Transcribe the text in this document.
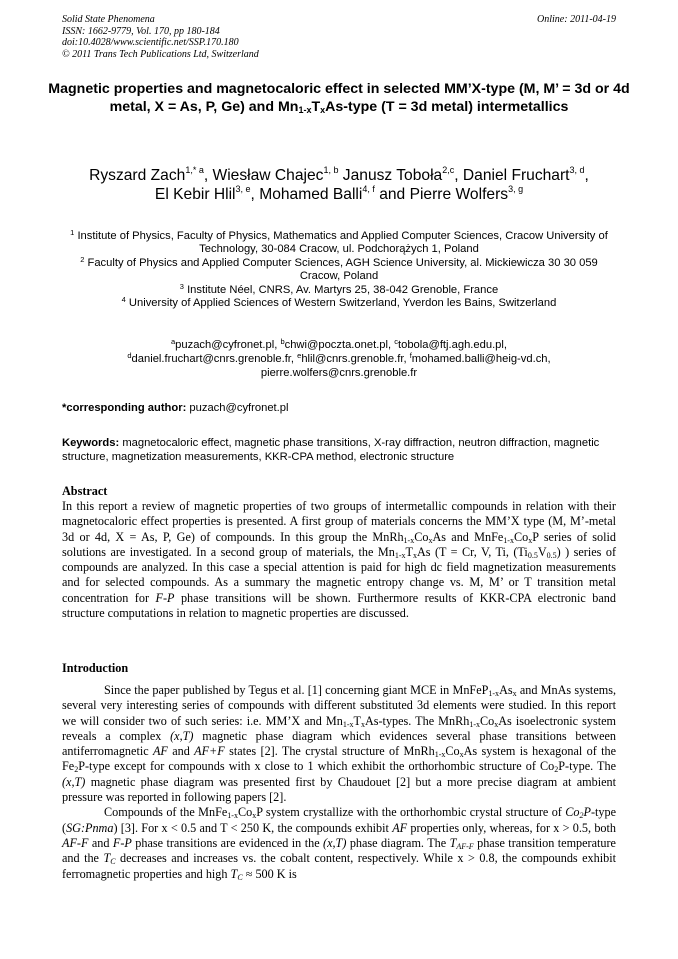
Solid State Phenomena
ISSN: 1662-9779, Vol. 170, pp 180-184
doi:10.4028/www.scientific.net/SSP.170.180
© 2011 Trans Tech Publications Ltd, Switzerland
Online: 2011-04-19
Magnetic properties and magnetocaloric effect in selected MM’X-type (M, M’ = 3d or 4d metal, X = As, P, Ge) and $Mn_{1-x}T_xAs$-type (T = 3d metal) intermetallics
Ryszard Zach$^{1,* a}$, Wiesław Chajec$^{1, b}$ Janusz Toboła$^{2,c}$, Daniel Fruchart$^{3, d}$,
El Kebir Hlil$^{3, e}$, Mohamed Balli$^{4, f}$ and Pierre Wolfers$^{3, g}$
$^1$ Institute of Physics, Faculty of Physics, Mathematics and Applied Computer Sciences, Cracow University of Technology, 30-084 Cracow, ul. Podchorążych 1, Poland
$^2$ Faculty of Physics and Applied Computer Sciences, AGH Science University, al. Mickiewicza 30 30 059 Cracow, Poland
$^3$ Institute Néel, CNRS, Av. Martyrs 25, 38-042 Grenoble, France
$^4$ University of Applied Sciences of Western Switzerland, Yverdon les Bains, Switzerland
$^a$puzach@cyfronet.pl, $^b$chwi@poczta.onet.pl, $^c$tobola@ftj.agh.edu.pl,
$^d$daniel.fruchart@cnrs.grenoble.fr, $^e$hlil@cnrs.grenoble.fr, $^f$mohamed.balli@heig-vd.ch,
pierre.wolfers@cnrs.grenoble.fr
*corresponding author: puzach@cyfronet.pl
Keywords: magnetocaloric effect, magnetic phase transitions, X-ray diffraction, neutron diffraction, magnetic structure, magnetization measurements, KKR-CPA method, electronic structure
Abstract

In this report a review of magnetic properties of two groups of intermetallic compounds in relation with their magnetocaloric effect properties is presented. A first group of materials concerns the MM’X type (M, M’-metal 3d or 4d, X = As, P, Ge) of compounds. In this group the $MnRh_{1-x}Co_xAs$ and $MnFe_{1-x}Co_xP$ series of solid solutions are investigated. In a second group of materials, the $Mn_{1-x}T_xAs$ (T = Cr, V, Ti, $(Ti_{0.5}V_{0.5})$ ) series of compounds are analyzed. In this case a special attention is paid for high dc field magnetization measurements and for selected compounds. As a summary the magnetic entropy change vs. M, M’ or T transition metal concentration for F-P phase transitions will be shown. Furthermore results of KKR-CPA electronic band structure computations in relation to magnetic properties are discussed.

Introduction

Since the paper published by Tegus et al. [1] concerning giant MCE in $MnFeP_{1-x}As_x$ and MnAs systems, several very interesting series of compounds with different substituted 3d elements were studied. In this report we will consider two of such series: i.e. MM’X and $Mn_{1-x}T_xAs$-types. The $MnRh_{1-x}Co_xAs$ isoelectronic system reveals a complex (x,T) magnetic phase diagram which evidences several phase transitions between antiferromagnetic AF and AF+F states [2]. The crystal structure of $MnRh_{1-x}Co_xAs$ system is hexagonal of the $Fe_2P$-type except for compounds with x close to 1 which exhibit the orthorhombic structure of $Co_2P$-type. The (x,T) magnetic phase diagram was presented first by Chaudouet [2] but a more precise diagram at ambient pressure was reported in following papers [2].

Compounds of the $MnFe_{1-x}Co_xP$ system crystallize with the orthorhombic crystal structure of $Co_2P$-type (SG:Pnma) [3]. For x < 0.5 and T < 250 K, the compounds exhibit AF properties only, whereas, for x > 0.5, both AF-F and F-P phase transitions are evidenced in the (x,T) phase diagram. The $T_{AF-F}$ phase transition temperature and the $T_C$ decreases and increases vs. the cobalt content, respectively. While x > 0.8, the compounds exhibit ferromagnetic properties and high $T_C \approx 500$ K is
